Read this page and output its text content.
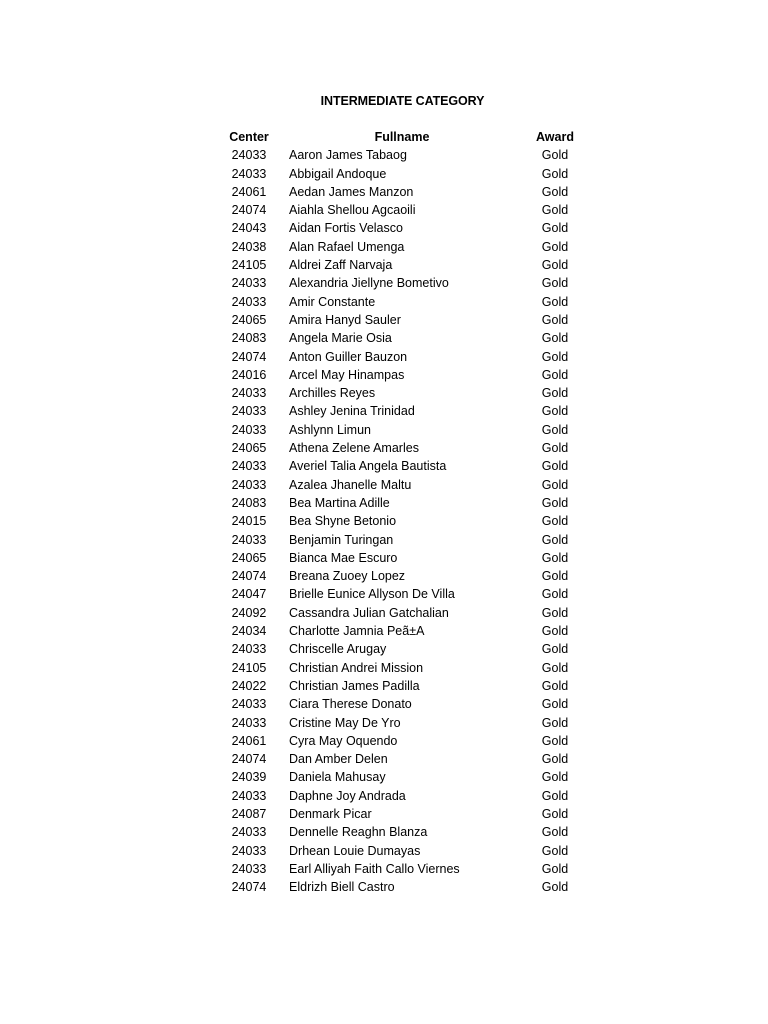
INTERMEDIATE CATEGORY
Center	Fullname	Award
24033	Aaron James Tabaog	Gold
24033	Abbigail Andoque	Gold
24061	Aedan James Manzon	Gold
24074	Aiahla Shellou Agcaoili	Gold
24043	Aidan Fortis Velasco	Gold
24038	Alan Rafael Umenga	Gold
24105	Aldrei Zaff Narvaja	Gold
24033	Alexandria Jiellyne Bometivo	Gold
24033	Amir Constante	Gold
24065	Amira Hanyd Sauler	Gold
24083	Angela Marie Osia	Gold
24074	Anton Guiller Bauzon	Gold
24016	Arcel May Hinampas	Gold
24033	Archilles Reyes	Gold
24033	Ashley Jenina Trinidad	Gold
24033	Ashlynn Limun	Gold
24065	Athena Zelene Amarles	Gold
24033	Averiel Talia Angela Bautista	Gold
24033	Azalea Jhanelle Maltu	Gold
24083	Bea Martina Adille	Gold
24015	Bea Shyne Betonio	Gold
24033	Benjamin Turingan	Gold
24065	Bianca Mae Escuro	Gold
24074	Breana Zuoey Lopez	Gold
24047	Brielle Eunice Allyson De Villa	Gold
24092	Cassandra Julian Gatchalian	Gold
24034	Charlotte Jamnia Peã±A	Gold
24033	Chriscelle Arugay	Gold
24105	Christian Andrei Mission	Gold
24022	Christian James Padilla	Gold
24033	Ciara Therese Donato	Gold
24033	Cristine May De Yro	Gold
24061	Cyra May Oquendo	Gold
24074	Dan Amber Delen	Gold
24039	Daniela Mahusay	Gold
24033	Daphne Joy Andrada	Gold
24087	Denmark Picar	Gold
24033	Dennelle Reaghn Blanza	Gold
24033	Drhean Louie Dumayas	Gold
24033	Earl Alliyah Faith Callo Viernes	Gold
24074	Eldrizh Biell Castro	Gold
